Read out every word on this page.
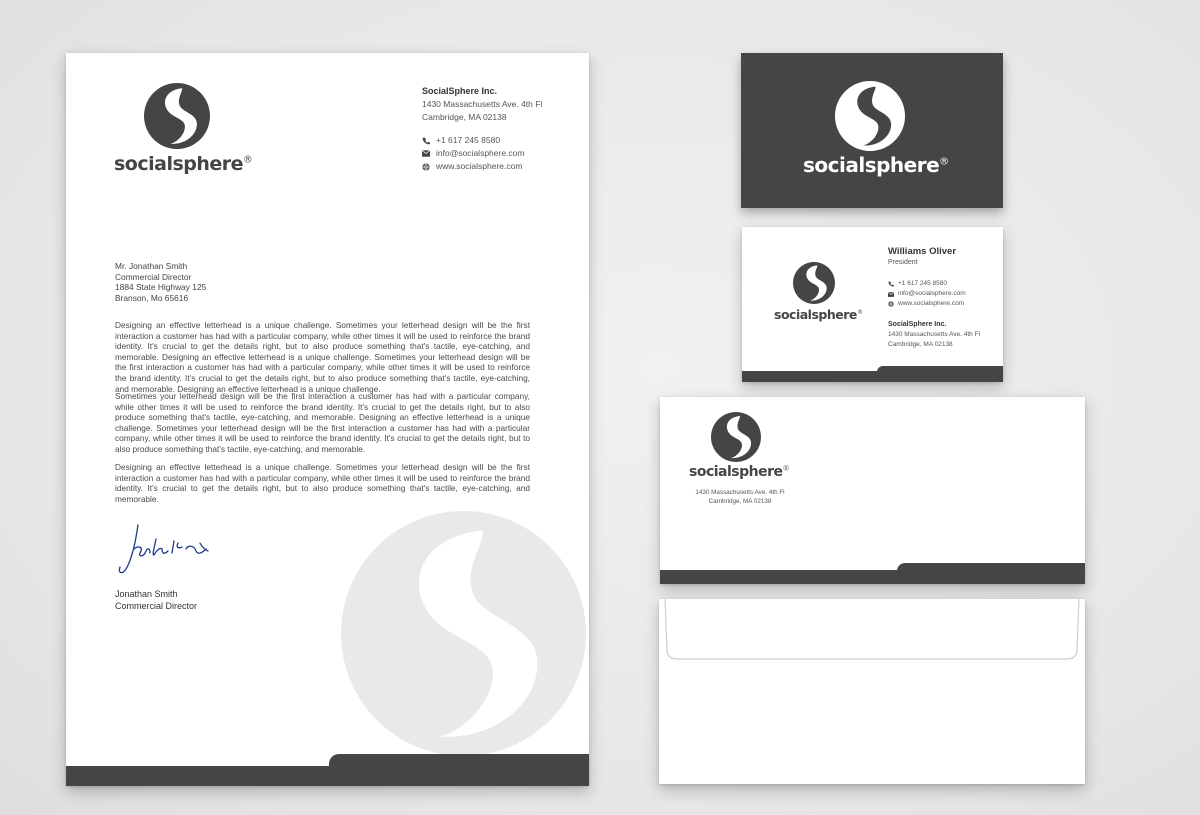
socialsphere®
SocialSphere Inc.
1430 Massachusetts Ave. 4th Fl
Cambridge, MA 02138
+1 617 245 8580
info@socialsphere.com
www.socialsphere.com
Mr. Jonathan Smith
Commercial Director
1884 State Highway 125
Branson, Mo 65616
Designing an effective letterhead is a unique challenge. Sometimes your letterhead design will be the first interaction a customer has had with a particular company, while other times it will be used to reinforce the brand identity. It's crucial to get the details right, but to also produce something that's tactile, eye-catching, and memorable. Designing an effective letterhead is a unique challenge. Sometimes your letterhead design will be the first interaction a customer has had with a particular company, while other times it will be used to reinforce the brand identity. It's crucial to get the details right, but to also produce something that's tactile, eye-catching, and memorable. Designing an effective letterhead is a unique challenge.
Sometimes your letterhead design will be the first interaction a customer has had with a particular company, while other times it will be used to reinforce the brand identity. It's crucial to get the details right, but to also produce something that's tactile, eye-catching, and memorable. Designing an effective letterhead is a unique challenge. Sometimes your letterhead design will be the first interaction a customer has had with a particular company, while other times it will be used to reinforce the brand identity. It's crucial to get the details right, but to also produce something that's tactile, eye-catching, and memorable.
Designing an effective letterhead is a unique challenge. Sometimes your letterhead design will be the first interaction a customer has had with a particular company, while other times it will be used to reinforce the brand identity. It's crucial to get the details right, but to also produce something that's tactile, eye-catching, and memorable.
Jonathan Smith
Commercial Director
socialsphere®
socialsphere®
Williams Oliver
President
+1 617 245 8580
info@socialsphere.com
www.socialsphere.com
SocialSphere Inc.
1430 Massachusetts Ave. 4th Fl
Cambridge, MA 02138
socialsphere®
1430 Massachusetts Ave. 4th Fl
Cambridge, MA 02138
